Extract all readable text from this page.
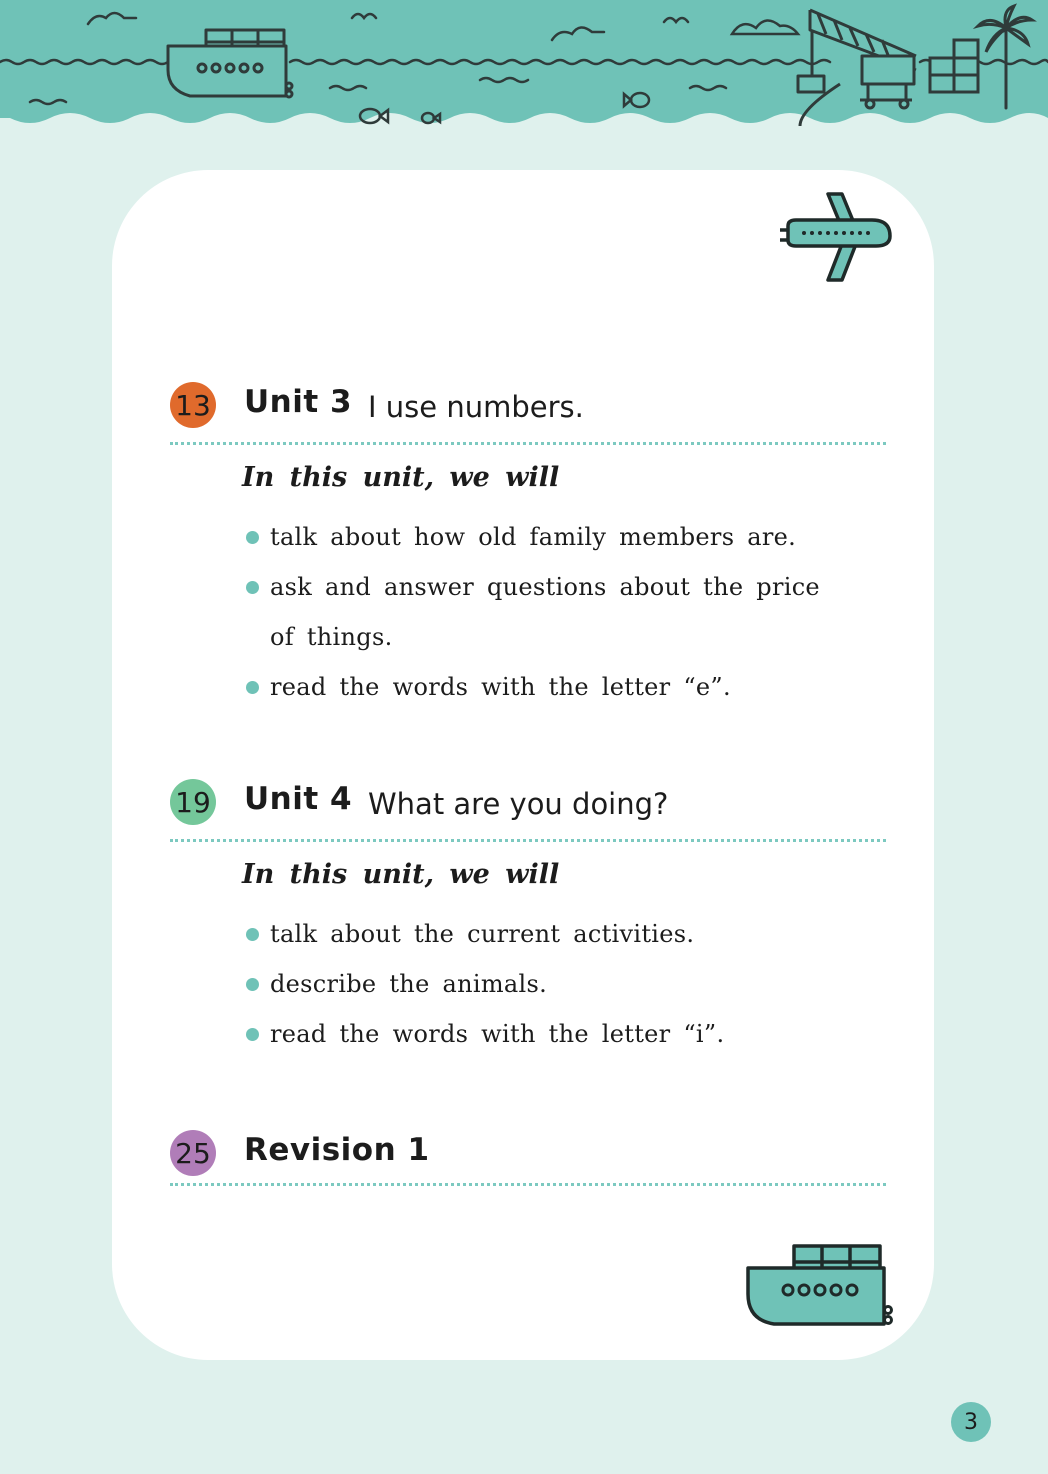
13 Unit 3 I use numbers.
In this unit, we will
talk about how old family members are.
ask and answer questions about the price of things.
read the words with the letter “e”.
19 Unit 4 What are you doing?
In this unit, we will
talk about the current activities.
describe the animals.
read the words with the letter “i”.
25 Revision 1
3
